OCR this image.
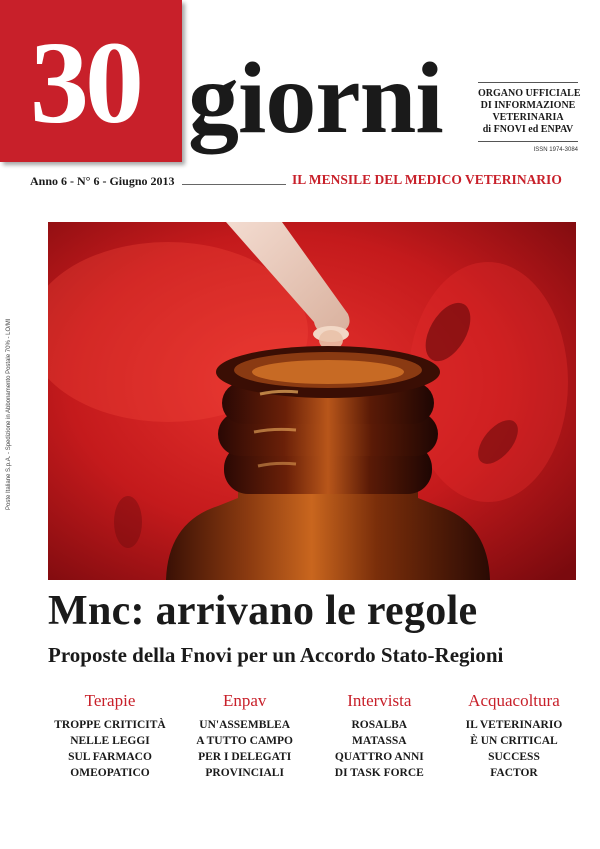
30 giorni	ORGANO UFFICIALE
DI INFORMAZIONE
VETERINARIA
di FNOVI ed ENPAV
ISSN 1974-3084
Anno 6 - N° 6 - Giugno 2013	IL MENSILE DEL MEDICO VETERINARIO
Poste Italiane S.p.A. - Spedizione in Abbonamento Postale 70% - LO/MI
Mnc: arrivano le regole
Proposte della Fnovi per un Accordo Stato-Regioni
Terapie
TROPPE CRITICITÀ
NELLE LEGGI
SUL FARMACO
OMEOPATICO
Enpav
UN'ASSEMBLEA
A TUTTO CAMPO
PER I DELEGATI
PROVINCIALI
Intervista
ROSALBA
MATASSA
QUATTRO ANNI
DI TASK FORCE
Acquacoltura
IL VETERINARIO
È UN CRITICAL
SUCCESS
FACTOR
